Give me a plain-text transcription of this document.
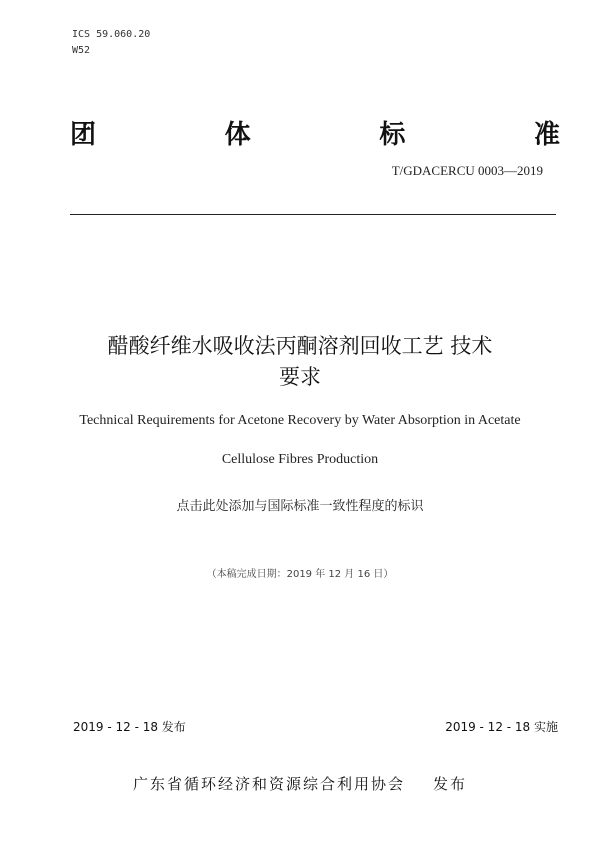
ICS 59.060.20
W52
团	体	标	准
T/GDACERCU 0003—2019
醋酸纤维水吸收法丙酮溶剂回收工艺 技术
要求
Technical Requirements for Acetone Recovery by Water Absorption in Acetate
Cellulose Fibres Production
点击此处添加与国际标准一致性程度的标识
（本稿完成日期：2019 年 12 月 16 日）
2019 - 12 - 18 发布	2019 - 12 - 18 实施
广东省循环经济和资源综合利用协会 发布
